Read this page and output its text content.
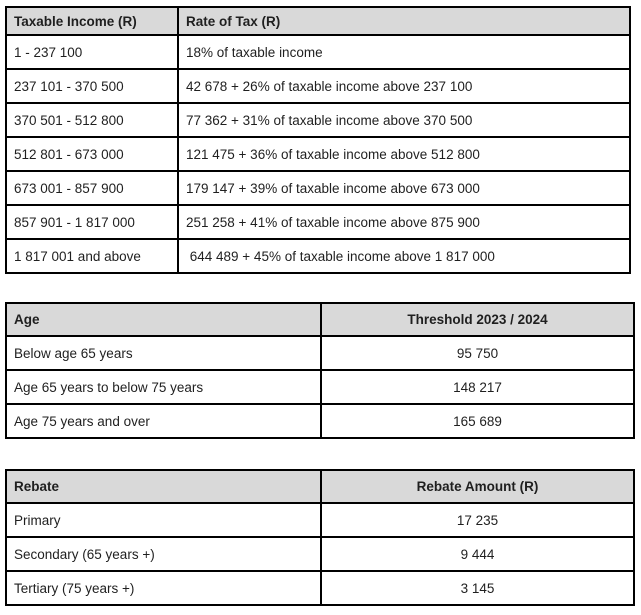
Taxable Income (R)	Rate of Tax (R)
1 - 237 100	18% of taxable income
237 101 - 370 500	42 678 + 26% of taxable income above 237 100
370 501 - 512 800	77 362 + 31% of taxable income above 370 500
512 801 - 673 000	121 475 + 36% of taxable income above 512 800
673 001 - 857 900	179 147 + 39% of taxable income above 673 000
857 901 - 1 817 000	251 258 + 41% of taxable income above 875 900
1 817 001 and above	644 489 + 45% of taxable income above 1 817 000
Age	Threshold 2023 / 2024
Below age 65 years	95 750
Age 65 years to below 75 years	148 217
Age 75 years and over	165 689
Rebate	Rebate Amount (R)
Primary	17 235
Secondary (65 years +)	9 444
Tertiary (75 years +)	3 145
